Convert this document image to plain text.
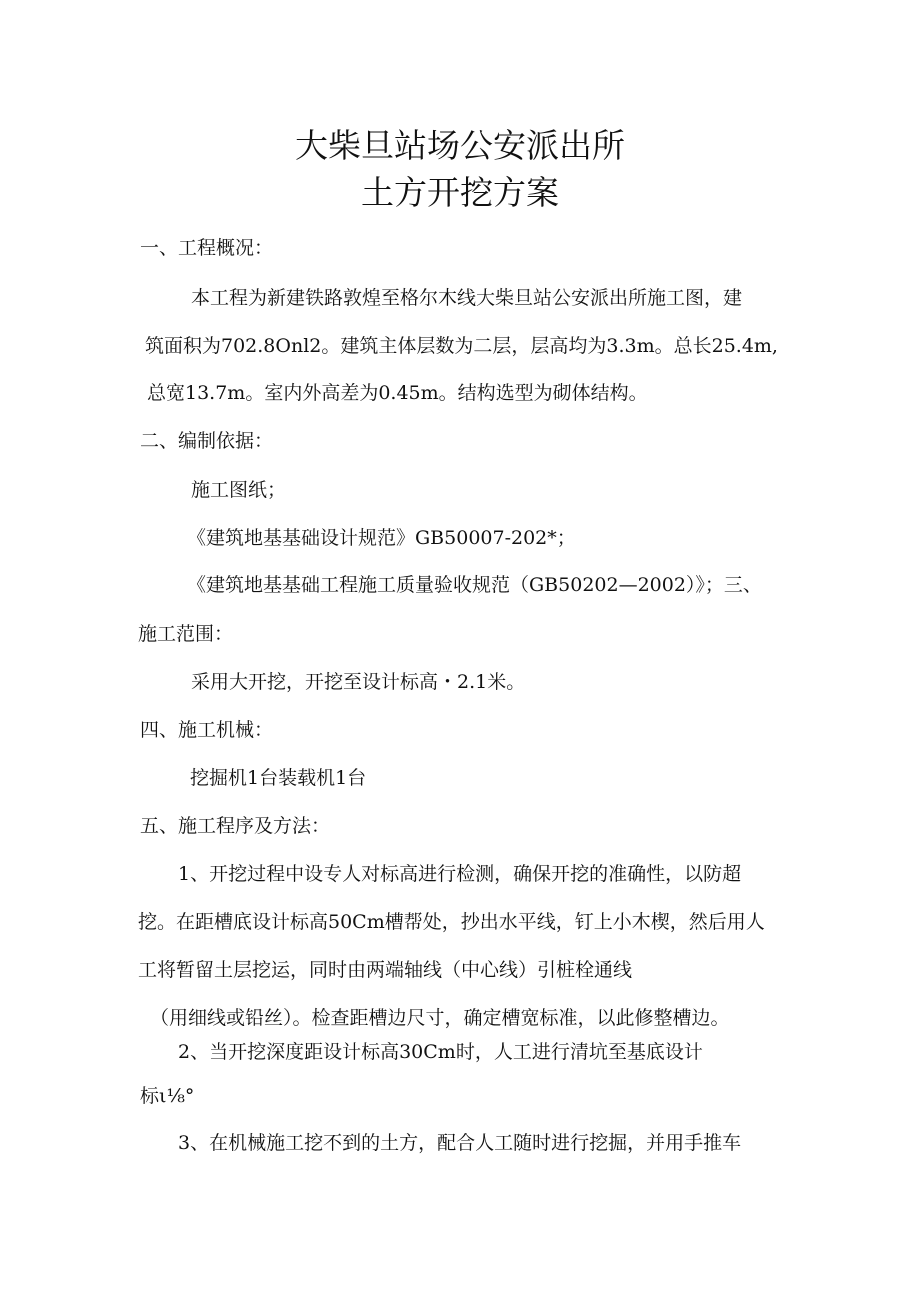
大柴旦站场公安派出所
土方开挖方案

一、工程概况：

本工程为新建铁路敦煌至格尔木线大柴旦站公安派出所施工图，建

筑面积为702.8Onl2。建筑主体层数为二层，层高均为3.3m。总长25.4m,

总宽13.7m。室内外高差为0.45m。结构选型为砌体结构。

二、编制依据：

施工图纸；

《建筑地基基础设计规范》GB50007-202*；

《建筑地基基础工程施工质量验收规范（GB50202—2002）》；三、

施工范围：

采用大开挖，开挖至设计标高・2.1米。

四、施工机械：

挖掘机1台装载机1台

五、施工程序及方法：

1、开挖过程中设专人对标高进行检测，确保开挖的准确性，以防超

挖。在距槽底设计标高50Cm槽帮处，抄出水平线，钉上小木楔，然后用人

工将暂留土层挖运，同时由两端轴线（中心线）引桩栓通线

（用细线或铅丝）。检查距槽边尺寸，确定槽宽标准，以此修整槽边。

2、当开挖深度距设计标高30Cm时，人工进行清坑至基底设计

标ι⅛°

3、在机械施工挖不到的土方，配合人工随时进行挖掘，并用手推车
